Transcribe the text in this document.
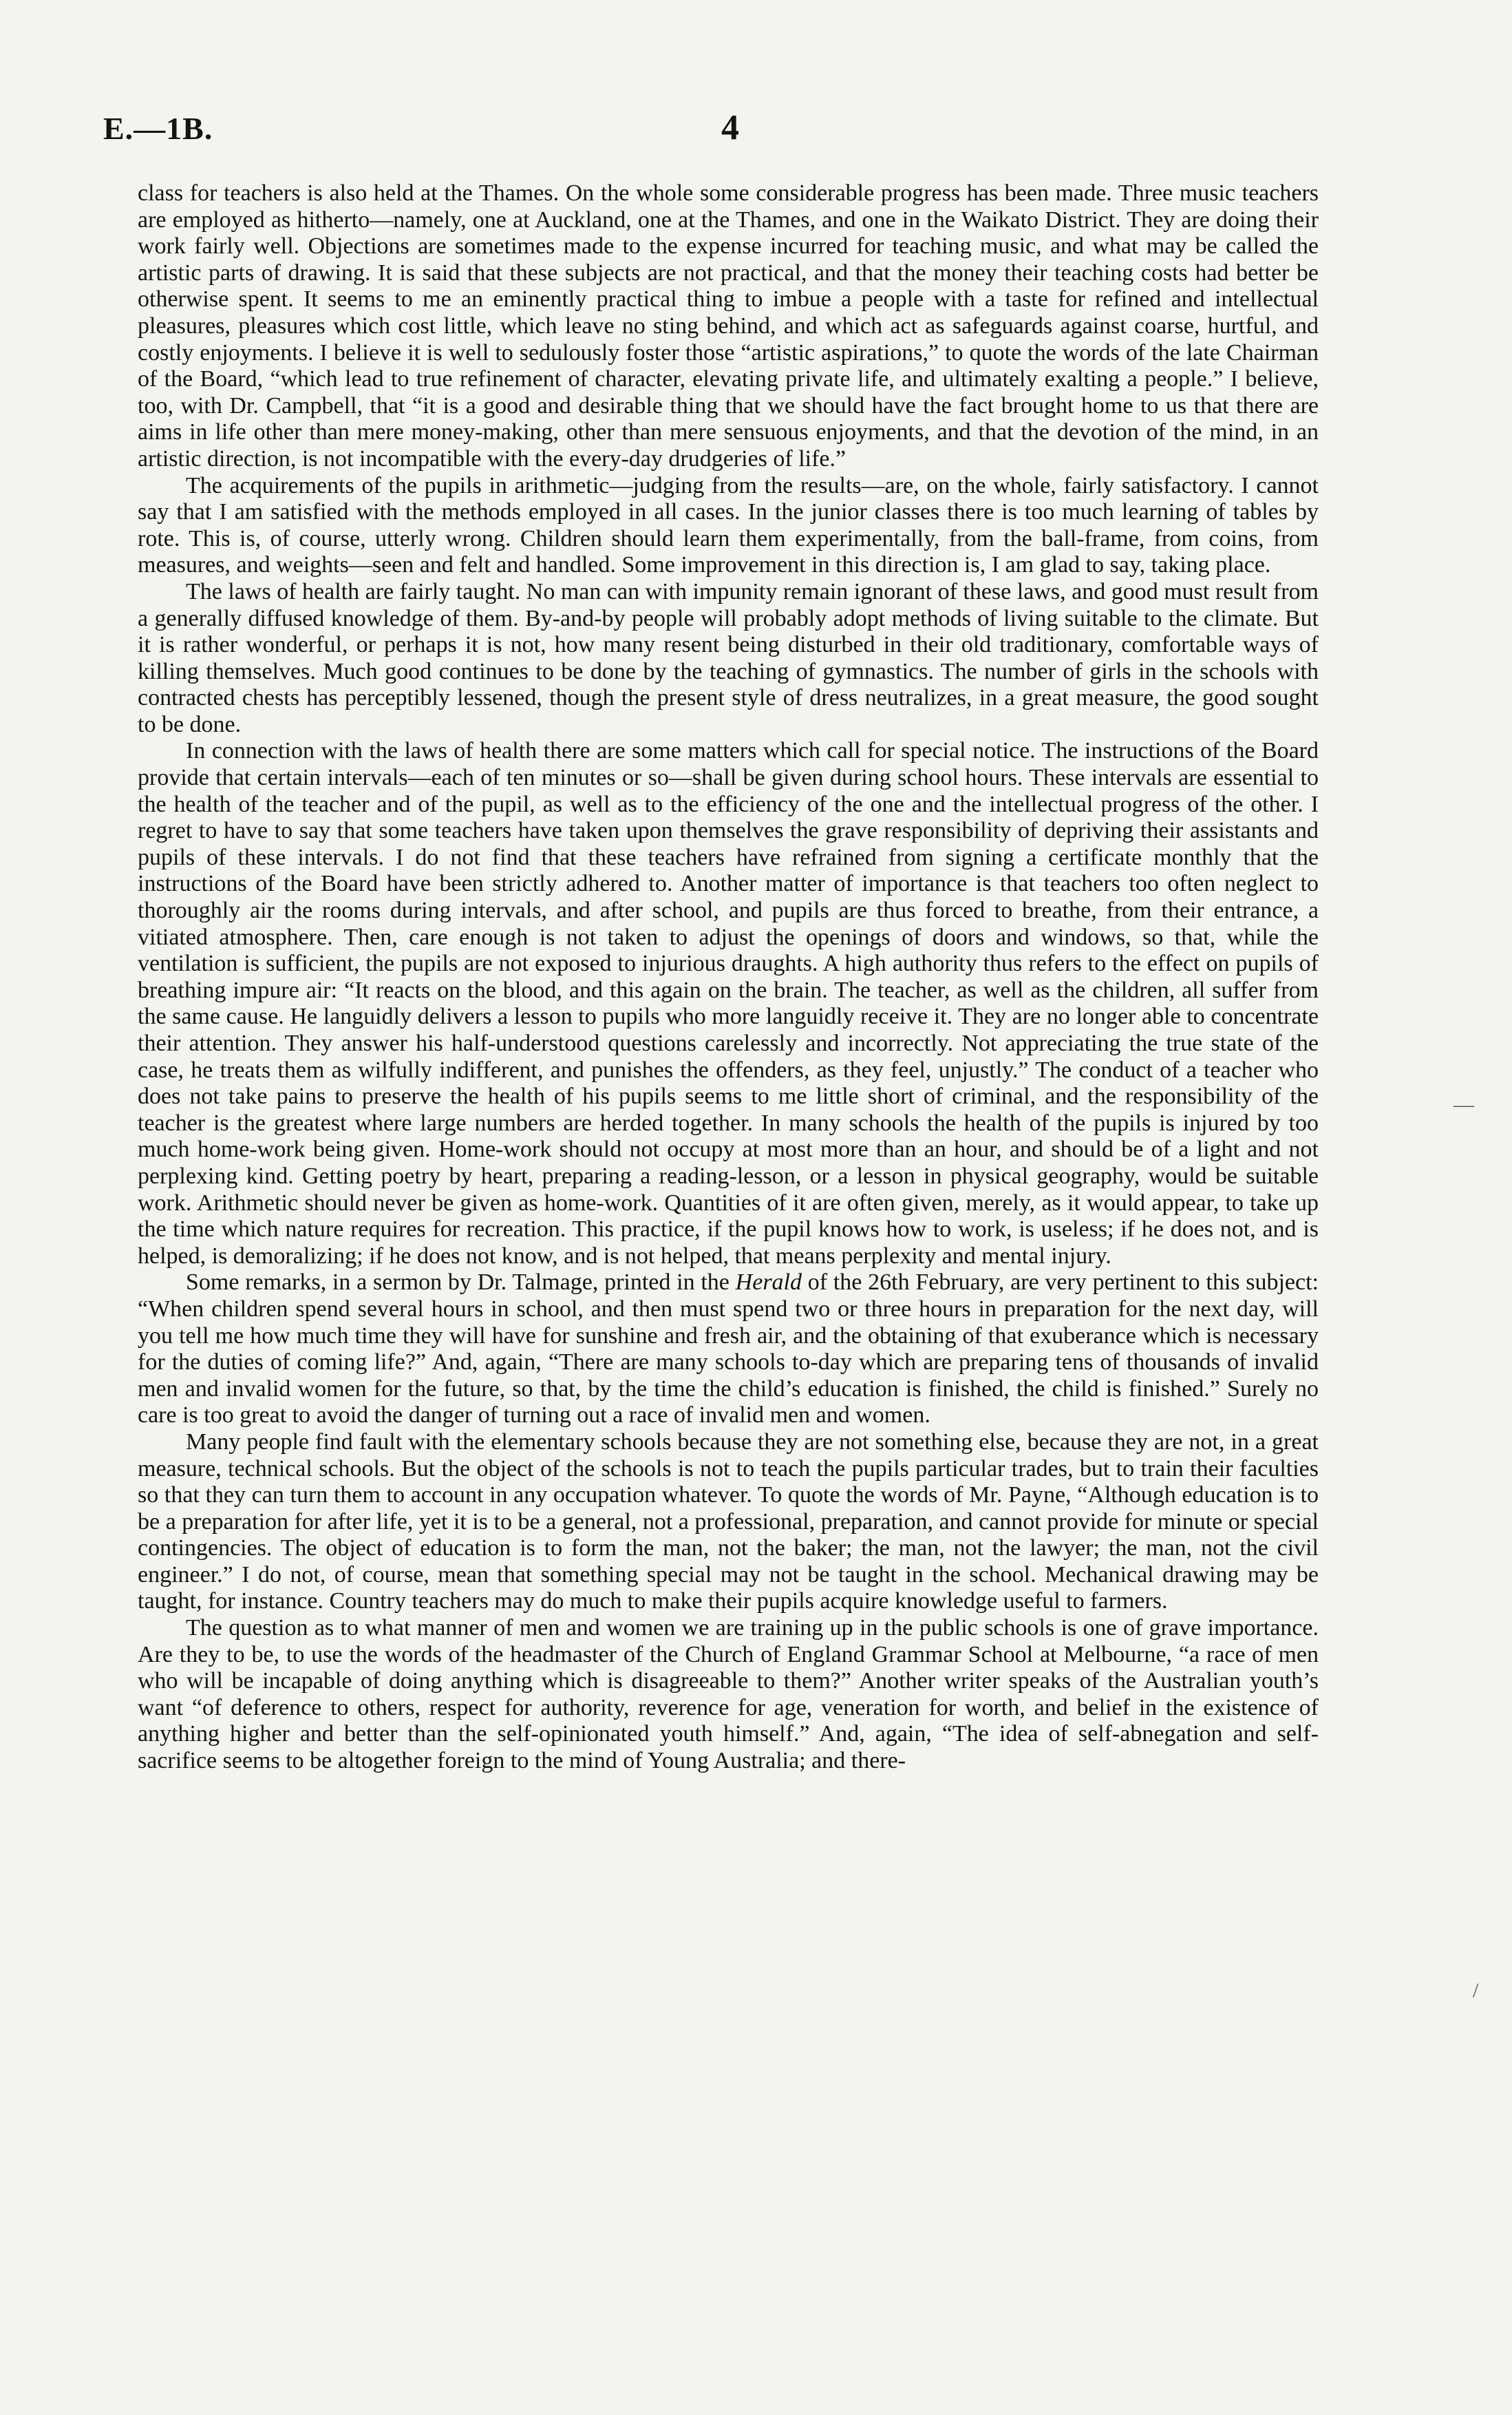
E.—1B.	4

class for teachers is also held at the Thames. On the whole some considerable progress has been made. Three music teachers are employed as hitherto—namely, one at Auckland, one at the Thames, and one in the Waikato District. They are doing their work fairly well. Objections are sometimes made to the expense incurred for teaching music, and what may be called the artistic parts of drawing. It is said that these subjects are not practical, and that the money their teaching costs had better be otherwise spent. It seems to me an eminently practical thing to imbue a people with a taste for refined and intellectual pleasures, pleasures which cost little, which leave no sting behind, and which act as safeguards against coarse, hurtful, and costly enjoyments. I believe it is well to sedulously foster those “artistic aspirations,” to quote the words of the late Chairman of the Board, “which lead to true refinement of character, elevating private life, and ultimately exalting a people.” I believe, too, with Dr. Campbell, that “it is a good and desirable thing that we should have the fact brought home to us that there are aims in life other than mere money-making, other than mere sensuous enjoyments, and that the devotion of the mind, in an artistic direction, is not incompatible with the every-day drudgeries of life.”

The acquirements of the pupils in arithmetic—judging from the results—are, on the whole, fairly satisfactory. I cannot say that I am satisfied with the methods employed in all cases. In the junior classes there is too much learning of tables by rote. This is, of course, utterly wrong. Children should learn them experimentally, from the ball-frame, from coins, from measures, and weights—seen and felt and handled. Some improvement in this direction is, I am glad to say, taking place.

The laws of health are fairly taught. No man can with impunity remain ignorant of these laws, and good must result from a generally diffused knowledge of them. By-and-by people will probably adopt methods of living suitable to the climate. But it is rather wonderful, or perhaps it is not, how many resent being disturbed in their old traditionary, comfortable ways of killing themselves. Much good continues to be done by the teaching of gymnastics. The number of girls in the schools with contracted chests has perceptibly lessened, though the present style of dress neutralizes, in a great measure, the good sought to be done.

In connection with the laws of health there are some matters which call for special notice. The instructions of the Board provide that certain intervals—each of ten minutes or so—shall be given during school hours. These intervals are essential to the health of the teacher and of the pupil, as well as to the efficiency of the one and the intellectual progress of the other. I regret to have to say that some teachers have taken upon themselves the grave responsibility of depriving their assistants and pupils of these intervals. I do not find that these teachers have refrained from signing a certificate monthly that the instructions of the Board have been strictly adhered to. Another matter of importance is that teachers too often neglect to thoroughly air the rooms during intervals, and after school, and pupils are thus forced to breathe, from their entrance, a vitiated atmosphere. Then, care enough is not taken to adjust the openings of doors and windows, so that, while the ventilation is sufficient, the pupils are not exposed to injurious draughts. A high authority thus refers to the effect on pupils of breathing impure air: “It reacts on the blood, and this again on the brain. The teacher, as well as the children, all suffer from the same cause. He languidly delivers a lesson to pupils who more languidly receive it. They are no longer able to concentrate their attention. They answer his half-understood questions carelessly and incorrectly. Not appreciating the true state of the case, he treats them as wilfully indifferent, and punishes the offenders, as they feel, unjustly.” The conduct of a teacher who does not take pains to preserve the health of his pupils seems to me little short of criminal, and the responsibility of the teacher is the greatest where large numbers are herded together. In many schools the health of the pupils is injured by too much home-work being given. Home-work should not occupy at most more than an hour, and should be of a light and not perplexing kind. Getting poetry by heart, preparing a reading-lesson, or a lesson in physical geography, would be suitable work. Arithmetic should never be given as home-work. Quantities of it are often given, merely, as it would appear, to take up the time which nature requires for recreation. This practice, if the pupil knows how to work, is useless; if he does not, and is helped, is demoralizing; if he does not know, and is not helped, that means perplexity and mental injury.

Some remarks, in a sermon by Dr. Talmage, printed in the Herald of the 26th February, are very pertinent to this subject: “When children spend several hours in school, and then must spend two or three hours in preparation for the next day, will you tell me how much time they will have for sunshine and fresh air, and the obtaining of that exuberance which is necessary for the duties of coming life?” And, again, “There are many schools to-day which are preparing tens of thousands of invalid men and invalid women for the future, so that, by the time the child’s education is finished, the child is finished.” Surely no care is too great to avoid the danger of turning out a race of invalid men and women.

Many people find fault with the elementary schools because they are not something else, because they are not, in a great measure, technical schools. But the object of the schools is not to teach the pupils particular trades, but to train their faculties so that they can turn them to account in any occupation whatever. To quote the words of Mr. Payne, “Although education is to be a preparation for after life, yet it is to be a general, not a professional, preparation, and cannot provide for minute or special contingencies. The object of education is to form the man, not the baker; the man, not the lawyer; the man, not the civil engineer.” I do not, of course, mean that something special may not be taught in the school. Mechanical drawing may be taught, for instance. Country teachers may do much to make their pupils acquire knowledge useful to farmers.

The question as to what manner of men and women we are training up in the public schools is one of grave importance. Are they to be, to use the words of the headmaster of the Church of England Grammar School at Melbourne, “a race of men who will be incapable of doing anything which is disagreeable to them?” Another writer speaks of the Australian youth’s want “of deference to others, respect for authority, reverence for age, veneration for worth, and belief in the existence of anything higher and better than the self-opinionated youth himself.” And, again, “The idea of self-abnegation and self-sacrifice seems to be altogether foreign to the mind of Young Australia; and there-

—
/
